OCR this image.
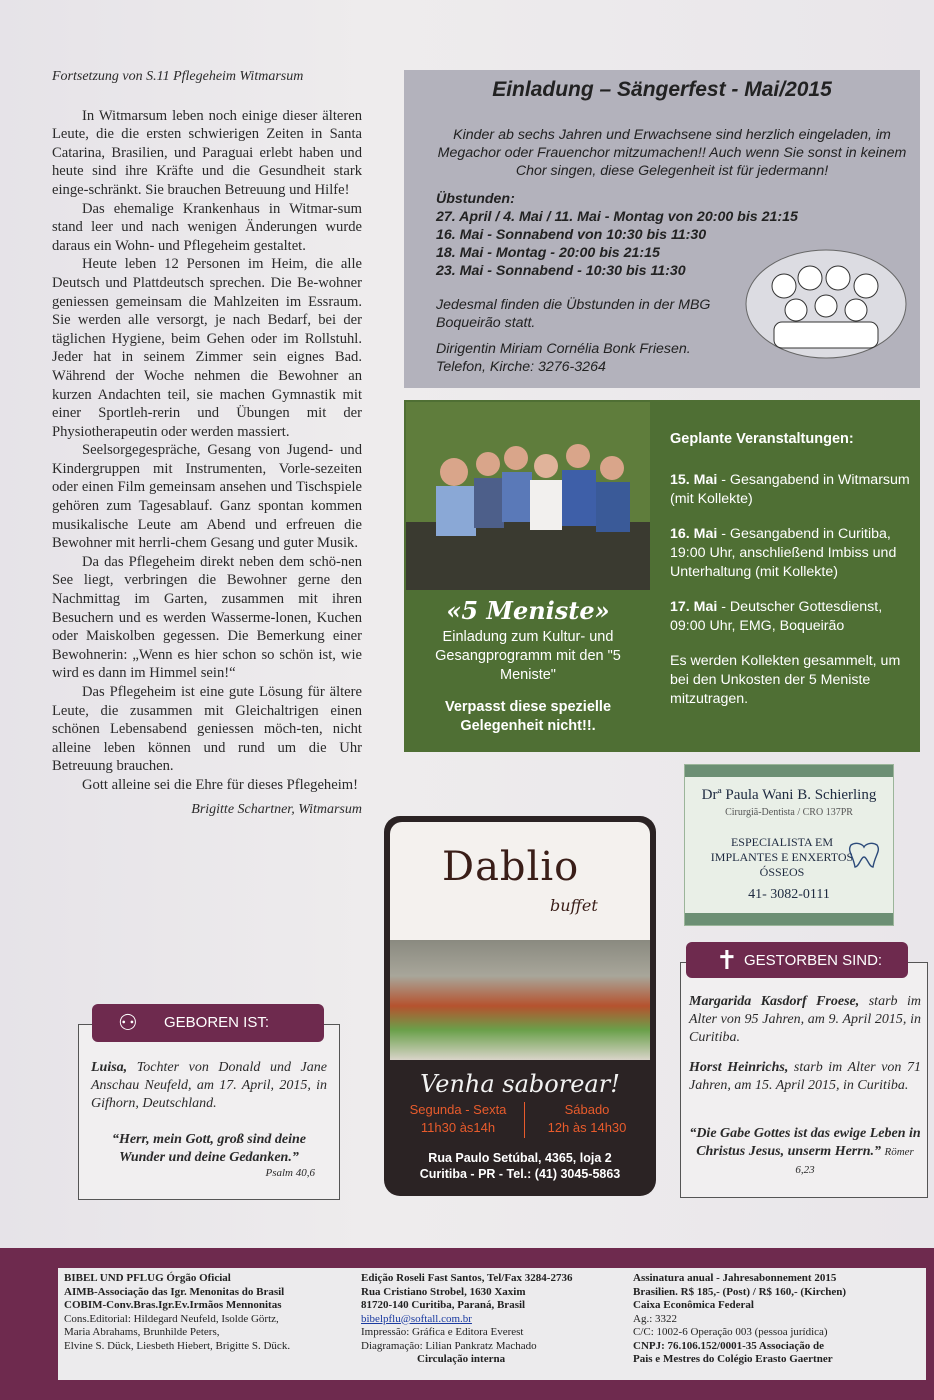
Fortsetzung von S.11 Pflegeheim Witmarsum

In Witmarsum leben noch einige dieser älteren Leute, die die ersten schwierigen Zeiten in Santa Catarina, Brasilien, und Paraguai erlebt haben und heute sind ihre Kräfte und die Gesundheit stark einge-schränkt. Sie brauchen Betreuung und Hilfe!

Das ehemalige Krankenhaus in Witmar-sum stand leer und nach wenigen Änderungen wurde daraus ein Wohn- und Pflegeheim gestaltet.

Heute leben 12 Personen im Heim, die alle Deutsch und Plattdeutsch sprechen. Die Be-wohner geniessen gemeinsam die Mahlzeiten im Essraum. Sie werden alle versorgt, je nach Bedarf, bei der täglichen Hygiene, beim Gehen oder im Rollstuhl. Jeder hat in seinem Zimmer sein eignes Bad. Während der Woche nehmen die Bewohner an kurzen Andachten teil, sie machen Gymnastik mit einer Sportleh-rerin und Übungen mit der Physiotherapeutin oder werden massiert.

Seelsorgegespräche, Gesang von Jugend- und Kindergruppen mit Instrumenten, Vorle-sezeiten oder einen Film gemeinsam ansehen und Tischspiele gehören zum Tagesablauf. Ganz spontan kommen musikalische Leute am Abend und erfreuen die Bewohner mit herrli-chem Gesang und guter Musik.

Da das Pflegeheim direkt neben dem schö-nen See liegt, verbringen die Bewohner gerne den Nachmittag im Garten, zusammen mit ihren Besuchern und es werden Wassermе-lonen, Kuchen oder Maiskolben gegessen. Die Bemerkung einer Bewohnerin: „Wenn es hier schon so schön ist, wie wird es dann im Himmel sein!“

Das Pflegeheim ist eine gute Lösung für ältere Leute, die zusammen mit Gleichaltrigen einen schönen Lebensabend geniessen möch-ten, nicht alleine leben können und rund um die Uhr Betreuung brauchen.

Gott alleine sei die Ehre für dieses Pflegeheim!

Brigitte Schartner, Witmarsum
Einladung – Sängerfest - Mai/2015
Kinder ab sechs Jahren und Erwachsene sind herzlich eingeladen, im Megachor oder Frauenchor mitzumachen!! Auch wenn Sie sonst in keinem Chor singen, diese Gelegenheit ist für jedermann!
Übstunden:
27. April / 4. Mai / 11. Mai - Montag von 20:00 bis 21:15
16. Mai - Sonnabend von 10:30 bis 11:30
18. Mai - Montag - 20:00 bis 21:15
23. Mai - Sonnabend - 10:30 bis 11:30
Jedesmal finden die Übstunden in der MBG Boqueirão statt.
Dirigentin Miriam Cornélia Bonk Friesen.
Telefon, Kirche: 3276-3264
«5 Meniste»
Einladung zum Kultur- und Gesangprogramm mit den "5 Meniste"
Verpasst diese spezielle Gelegenheit nicht!!.
Geplante Veranstaltungen:
15. Mai - Gesangabend in Witmarsum (mit Kollekte)
16. Mai - Gesangabend in Curitiba, 19:00 Uhr, anschließend Imbiss und Unterhaltung (mit Kollekte)
17. Mai - Deutscher Gottesdienst, 09:00 Uhr, EMG, Boqueirão
Es werden Kollekten gesammelt, um bei den Unkosten der 5 Meniste mitzutragen.
Drª Paula Wani B. Schierling
Cirurgiã-Dentista / CRO 137PR
ESPECIALISTA EM IMPLANTES E ENXERTOS ÓSSEOS
41- 3082-0111
Dablio
buffet
Venha saborear!
Segunda - Sexta
11h30 às14h
Sábado
12h às 14h30
Rua Paulo Setúbal, 4365, loja 2
Curitiba - PR - Tel.: (41) 3045-5863
Luisa, Tochter von Donald und Jane Anschau Neufeld, am 17. April, 2015, in Gifhorn, Deutschland.
“Herr, mein Gott, groß sind deine Wunder und deine Gedanken.”
Psalm 40,6
⚇ GEBOREN IST:
Margarida Kasdorf Froese, starb im Alter von 95 Jahren, am 9. April 2015, in Curitiba.
Horst Heinrichs, starb im Alter von 71 Jahren, am 15. April 2015, in Curitiba.
“Die Gabe Gottes ist das ewige Leben in Christus Jesus, unserm Herrn.” Römer 6,23
✝ GESTORBEN SIND:
BIBEL UND PFLUG Órgão Oficial
AIMB-Associação das Igr. Menonitas do Brasil
COBIM-Conv.Bras.Igr.Ev.Irmãos Mennonitas
Cons.Editorial: Hildegard Neufeld, Isolde Görtz,
Maria Abrahams, Brunhilde Peters,
Elvine S. Dück, Liesbeth Hiebert, Brigitte S. Dück.
Edição Roseli Fast Santos, Tel/Fax 3284-2736
Rua Cristiano Strobel, 1630 Xaxim
81720-140 Curitiba, Paraná, Brasil
bibelpflu@softall.com.br
Impressão: Gráfica e Editora Everest
Diagramação: Lilian Pankratz Machado
Circulação interna
Assinatura anual - Jahresabonnement 2015
Brasilien. R$ 185,- (Post) / R$ 160,- (Kirchen)
Caixa Econômica Federal
Ag.: 3322
C/C: 1002-6 Operação 003 (pessoa jurídica)
CNPJ: 76.106.152/0001-35 Associação de
Pais e Mestres do Colégio Erasto Gaertner
